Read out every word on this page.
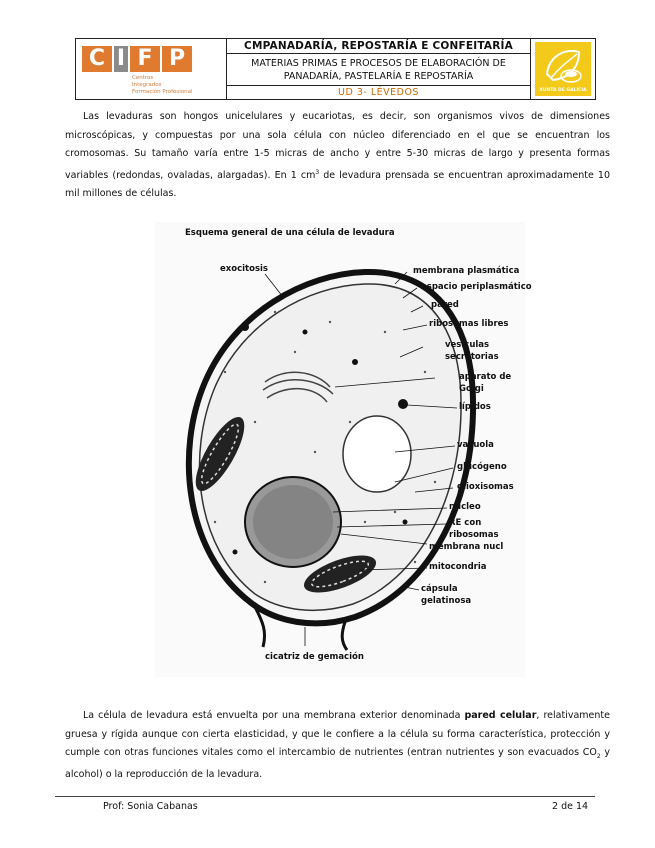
C I F P
Centros
Integrados
Formación Profesional
CMPANADARÍA, REPOSTARÍA E CONFEITARÍA
MATERIAS PRIMAS E PROCESOS DE ELABORACIÓN DE
PANADARÍA, PASTELARÍA E REPOSTARÍA
UD 3- LÉVEDOS	XUNTA DE GALICIA
Las levaduras son hongos unicelulares y eucariotas, es decir, son organismos vivos de dimensiones microscópicas, y compuestas por una sola célula con núcleo diferenciado en el que se encuentran los cromosomas. Su tamaño varía entre 1-5 micras de ancho y entre 5-30 micras de largo y presenta formas variables (redondas, ovaladas, alargadas). En 1 $cm^3$ de levadura prensada se encuentran aproximadamente 10 mil millones de células.
Esquema general de una célula de levadura
exocitosis	membrana plasmática
espacio periplasmático
pared
ribosomas libres
vesículas
secretorias
aparato de
Golgi
lípidos
vacuola
glucógeno
glioxisomas
núcleo
RE con
ribosomas
membrana nucl
mitocondria
cápsula
gelatinosa
cicatriz de gemación
La célula de levadura está envuelta por una membrana exterior denominada pared celular, relativamente gruesa y rígida aunque con cierta elasticidad, y que le confiere a la célula su forma característica, protección y cumple con otras funciones vitales como el intercambio de nutrientes (entran nutrientes y son evacuados $CO_2$ y alcohol) o la reproducción de la levadura.
Prof: Sonia Cabanas	2 de 14
